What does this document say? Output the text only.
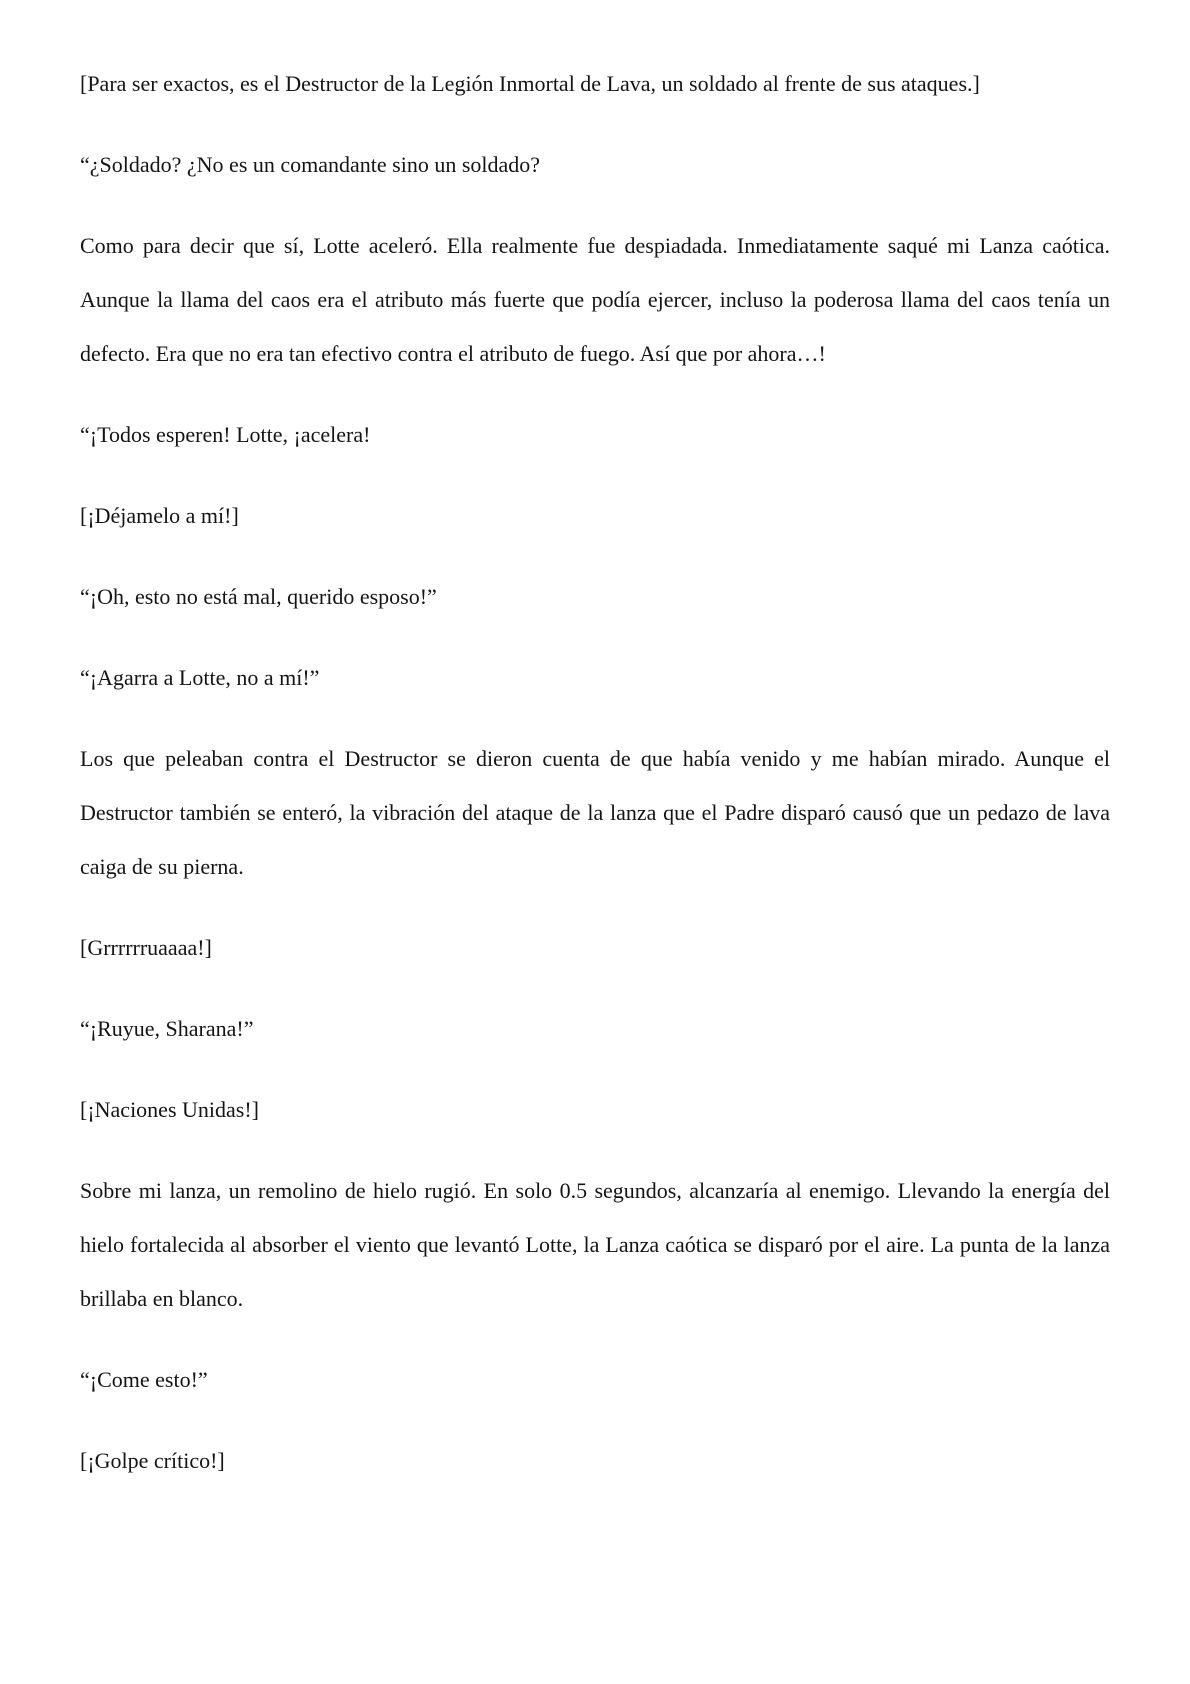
[Para ser exactos, es el Destructor de la Legión Inmortal de Lava, un soldado al frente de sus ataques.]

“¿Soldado? ¿No es un comandante sino un soldado?

Como para decir que sí, Lotte aceleró. Ella realmente fue despiadada. Inmediatamente saqué mi Lanza caótica. Aunque la llama del caos era el atributo más fuerte que podía ejercer, incluso la poderosa llama del caos tenía un defecto. Era que no era tan efectivo contra el atributo de fuego. Así que por ahora…!

“¡Todos esperen! Lotte, ¡acelera!

[¡Déjamelo a mí!]

“¡Oh, esto no está mal, querido esposo!”

“¡Agarra a Lotte, no a mí!”

Los que peleaban contra el Destructor se dieron cuenta de que había venido y me habían mirado. Aunque el Destructor también se enteró, la vibración del ataque de la lanza que el Padre disparó causó que un pedazo de lava caiga de su pierna.

[Grrrrrruaaaa!]

“¡Ruyue, Sharana!”

[¡Naciones Unidas!]

Sobre mi lanza, un remolino de hielo rugió. En solo 0.5 segundos, alcanzaría al enemigo. Llevando la energía del hielo fortalecida al absorber el viento que levantó Lotte, la Lanza caótica se disparó por el aire. La punta de la lanza brillaba en blanco.

“¡Come esto!”

[¡Golpe crítico!]
